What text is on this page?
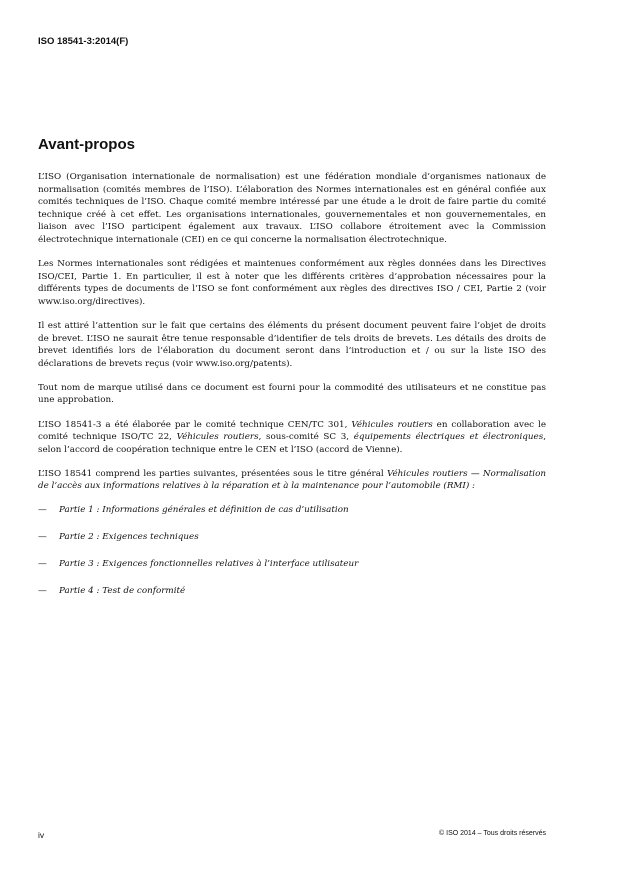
ISO 18541-3:2014(F)
Avant-propos

L’ISO (Organisation internationale de normalisation) est une fédération mondiale d’organismes nationaux de normalisation (comités membres de l’ISO). L’élaboration des Normes internationales est en général confiée aux comités techniques de l’ISO. Chaque comité membre intéressé par une étude a le droit de faire partie du comité technique créé à cet effet. Les organisations internationales, gouvernementales et non gouvernementales, en liaison avec l’ISO participent également aux travaux. L’ISO collabore étroitement avec la Commission électrotechnique internationale (CEI) en ce qui concerne la normalisation électrotechnique.

Les Normes internationales sont rédigées et maintenues conformément aux règles données dans les Directives ISO/CEI, Partie 1. En particulier, il est à noter que les différents critères d’approbation nécessaires pour la différents types de documents de l’ISO se font conformément aux règles des directives ISO / CEI, Partie 2 (voir www.iso.org/directives).

Il est attiré l’attention sur le fait que certains des éléments du présent document peuvent faire l’objet de droits de brevet. L’ISO ne saurait être tenue responsable d’identifier de tels droits de brevets. Les détails des droits de brevet identifiés lors de l’élaboration du document seront dans l’introduction et / ou sur la liste ISO des déclarations de brevets reçus (voir www.iso.org/patents).

Tout nom de marque utilisé dans ce document est fourni pour la commodité des utilisateurs et ne constitue pas une approbation.

L’ISO 18541-3 a été élaborée par le comité technique CEN/TC 301, Véhicules routiers en collaboration avec le comité technique ISO/TC 22, Véhicules routiers, sous-comité SC 3, équipements électriques et électroniques, selon l’accord de coopération technique entre le CEN et l’ISO (accord de Vienne).

L’ISO 18541 comprend les parties suivantes, présentées sous le titre général Véhicules routiers — Normalisation de l’accès aux informations relatives à la réparation et à la maintenance pour l’automobile (RMI) :

—	Partie 1 : Informations générales et définition de cas d’utilisation
—	Partie 2 : Exigences techniques
—	Partie 3 : Exigences fonctionnelles relatives à l’interface utilisateur
—	Partie 4 : Test de conformité
iv	© ISO 2014 – Tous droits réservés
